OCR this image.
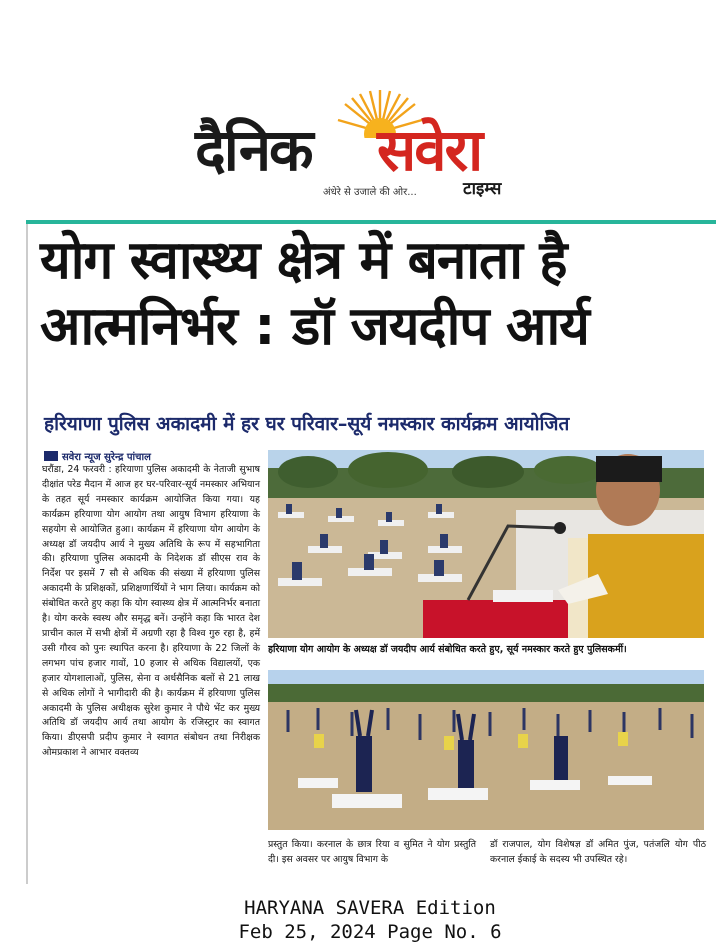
दैनिक सवेरा
अंधेरे से उजाले की ओर...	टाइम्स
योग स्वास्थ्य क्षेत्र में बनाता है
आत्मनिर्भर : डॉ जयदीप आर्य
हरियाणा पुलिस अकादमी में हर घर परिवार–सूर्य नमस्कार कार्यक्रम आयोजित
सवेरा न्यूज सुरेन्द्र पांचाल
घरौंडा, 24 फरवरी : हरियाणा पुलिस अकादमी के नेताजी सुभाष दीक्षांत परेड मैदान में आज हर घर-परिवार-सूर्य नमस्कार अभियान के तहत सूर्य नमस्कार कार्यक्रम आयोजित किया गया। यह कार्यक्रम हरियाणा योग आयोग तथा आयुष विभाग हरियाणा के सहयोग से आयोजित हुआ। कार्यक्रम में हरियाणा योग आयोग के अध्यक्ष डॉ जयदीप आर्य ने मुख्य अतिथि के रूप में सहभागिता की। हरियाणा पुलिस अकादमी के निदेशक डॉ सीएस राव के निर्देश पर इसमें 7 सौ से अधिक की संख्या में हरियाणा पुलिस अकादमी के प्रशिक्षकों, प्रशिक्षणार्थियों ने भाग लिया। कार्यक्रम को संबोधित करते हुए कहा कि योग स्वास्थ्य क्षेत्र में आत्मनिर्भर बनाता है। योग करके स्वस्थ और समृद्ध बनें। उन्होंने कहा कि भारत देश प्राचीन काल में सभी क्षेत्रों में अग्रणी रहा है विश्व गुरु रहा है, हमें उसी गौरव को पुनः स्थापित करना है। हरियाणा के 22 जिलों के लगभग पांच हजार गावों, 10 हजार से अधिक विद्यालयों, एक हजार योगशालाओं, पुलिस, सेना व अर्धसैनिक बलों से 21 लाख से अधिक लोगों ने भागीदारी की है। कार्यक्रम में हरियाणा पुलिस अकादमी के पुलिस अधीक्षक सुरेश कुमार ने पौधे भेंट कर मुख्य अतिथि डॉ जयदीप आर्य तथा आयोग के रजिस्ट्रार का स्वागत किया। डीएसपी प्रदीप कुमार ने स्वागत संबोधन तथा निरीक्षक ओमप्रकाश ने आभार वक्तव्य
हरियाणा योग आयोग के अध्यक्ष डॉ जयदीप आर्य संबोधित करते हुए, सूर्य नमस्कार करते हुए पुलिसकर्मी।
प्रस्तुत किया। करनाल के छात्र रिया व सुमित ने योग प्रस्तुति दी। इस अवसर पर आयुष विभाग के
डॉ राजपाल, योग विशेषज्ञ डॉ अमित पुंज, पतंजलि योग पीठ करनाल ईकाई के सदस्य भी उपस्थित रहे।
HARYANA SAVERA Edition
Feb 25, 2024 Page No. 6
